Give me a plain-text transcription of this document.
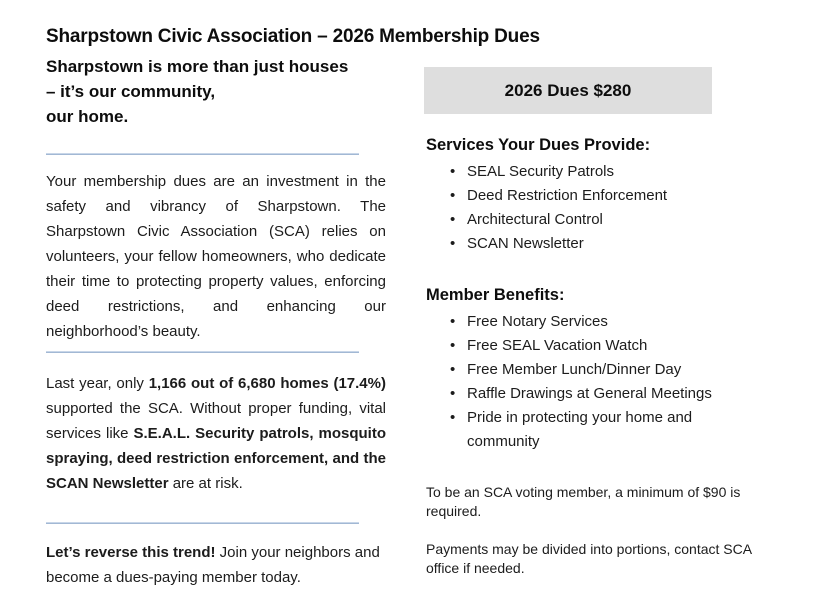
Sharpstown Civic Association – 2026 Membership Dues
Sharpstown is more than just houses
– it’s our community,
our home.

Your membership dues are an investment in the safety and vibrancy of Sharpstown. The Sharpstown Civic Association (SCA) relies on volunteers, your fellow homeowners, who dedicate their time to protecting property values, enforcing deed restrictions, and enhancing our neighborhood’s beauty.

Last year, only 1,166 out of 6,680 homes (17.4%) supported the SCA. Without proper funding, vital services like S.E.A.L. Security patrols, mosquito spraying, deed restriction enforcement, and the SCAN Newsletter are at risk.

Let’s reverse this trend! Join your neighbors and become a dues-paying member today.

2026 Dues $280
Services Your Dues Provide:
• SEAL Security Patrols
• Deed Restriction Enforcement
• Architectural Control
• SCAN Newsletter
Member Benefits:
• Free Notary Services
• Free SEAL Vacation Watch
• Free Member Lunch/Dinner Day
• Raffle Drawings at General Meetings
• Pride in protecting your home and community

To be an SCA voting member, a minimum of $90 is required.

Payments may be divided into portions, contact SCA office if needed.
